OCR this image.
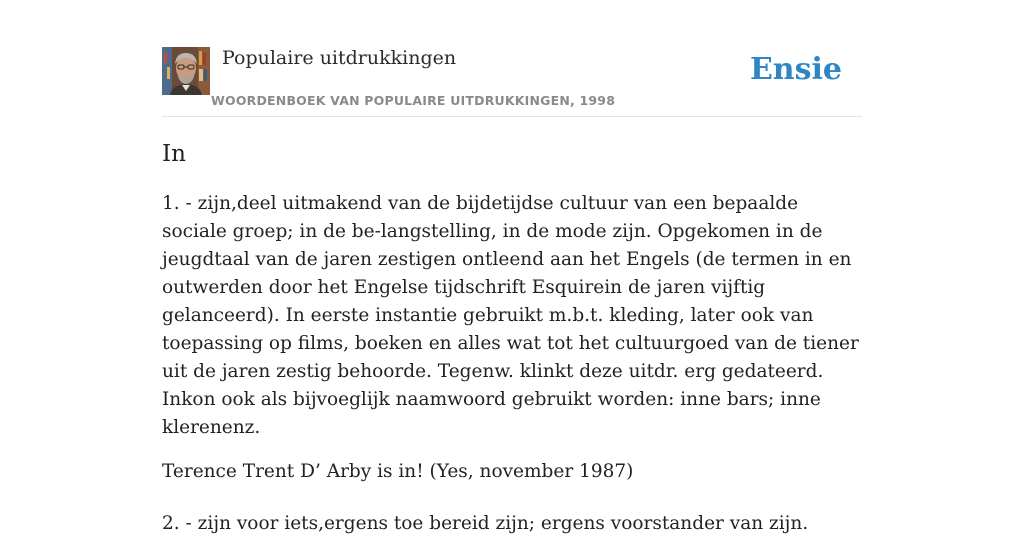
Populaire uitdrukkingen
WOORDENBOEK VAN POPULAIRE UITDRUKKINGEN, 1998
Ensie
In

1. - zijn,deel uitmakend van de bijdetijdse cultuur van een bepaalde sociale groep; in de be-langstelling, in de mode zijn. Opgekomen in de jeugdtaal van de jaren zestigen ontleend aan het Engels (de termen in en outwerden door het Engelse tijdschrift Esquirein de jaren vijftig gelanceerd). In eerste instantie gebruikt m.b.t. kleding, later ook van toepassing op films, boeken en alles wat tot het cultuurgoed van de tiener uit de jaren zestig behoorde. Tegenw. klinkt deze uitdr. erg gedateerd. Inkon ook als bijvoeglijk naamwoord gebruikt worden: inne bars; inne klerenenz.

Terence Trent D’ Arby is in! (Yes, november 1987)

2. - zijn voor iets,ergens toe bereid zijn; ergens voorstander van zijn.
